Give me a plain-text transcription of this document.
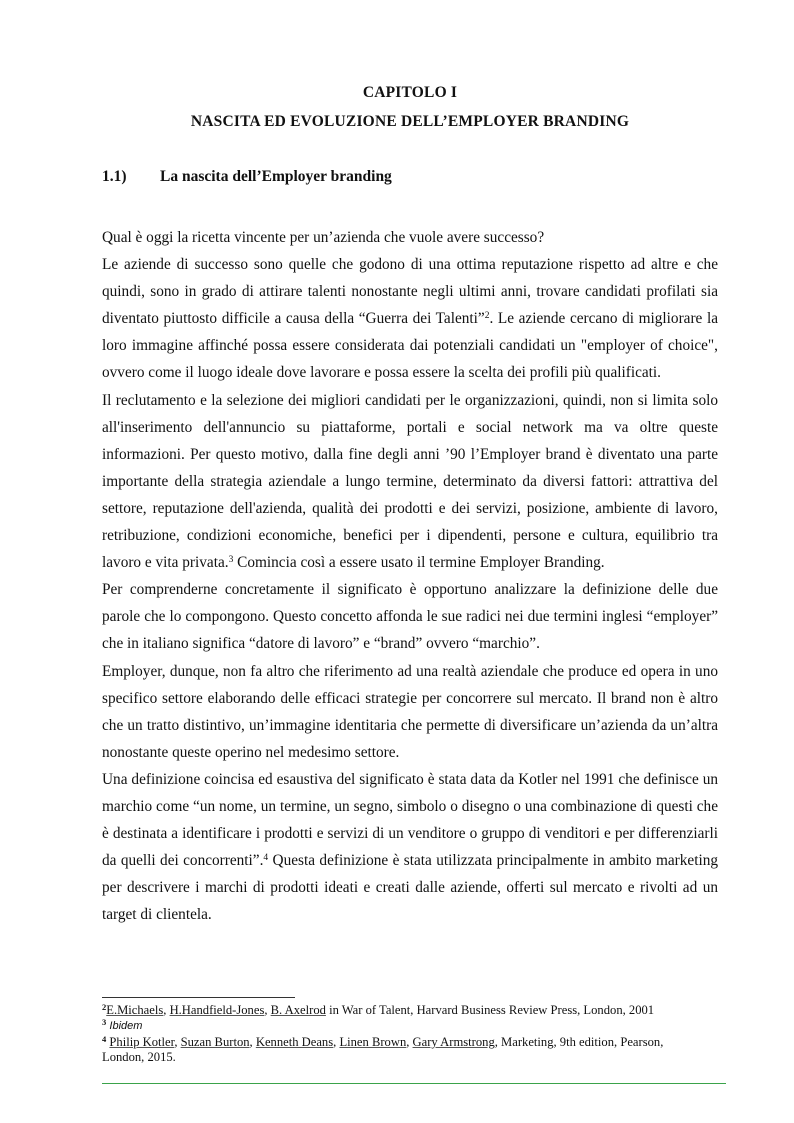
CAPITOLO I
NASCITA ED EVOLUZIONE DELL’EMPLOYER BRANDING
1.1) La nascita dell’Employer branding

Qual è oggi la ricetta vincente per un’azienda che vuole avere successo?

Le aziende di successo sono quelle che godono di una ottima reputazione rispetto ad altre e che quindi, sono in grado di attirare talenti nonostante negli ultimi anni, trovare candidati profilati sia diventato piuttosto difficile a causa della “Guerra dei Talenti”$^2$. Le aziende cercano di migliorare la loro immagine affinché possa essere considerata dai potenziali candidati un "employer of choice", ovvero come il luogo ideale dove lavorare e possa essere la scelta dei profili più qualificati.

Il reclutamento e la selezione dei migliori candidati per le organizzazioni, quindi, non si limita solo all'inserimento dell'annuncio su piattaforme, portali e social network ma va oltre queste informazioni. Per questo motivo, dalla fine degli anni ’90 l’Employer brand è diventato una parte importante della strategia aziendale a lungo termine, determinato da diversi fattori: attrattiva del settore, reputazione dell'azienda, qualità dei prodotti e dei servizi, posizione, ambiente di lavoro, retribuzione, condizioni economiche, benefici per i dipendenti, persone e cultura, equilibrio tra lavoro e vita privata.$^3$ Comincia così a essere usato il termine Employer Branding.

Per comprenderne concretamente il significato è opportuno analizzare la definizione delle due parole che lo compongono. Questo concetto affonda le sue radici nei due termini inglesi “employer” che in italiano significa “datore di lavoro” e “brand” ovvero “marchio”.

Employer, dunque, non fa altro che riferimento ad una realtà aziendale che produce ed opera in uno specifico settore elaborando delle efficaci strategie per concorrere sul mercato. Il brand non è altro che un tratto distintivo, un’immagine identitaria che permette di diversificare un’azienda da un’altra nonostante queste operino nel medesimo settore.

Una definizione coincisa ed esaustiva del significato è stata data da Kotler nel 1991 che definisce un marchio come “un nome, un termine, un segno, simbolo o disegno o una combinazione di questi che è destinata a identificare i prodotti e servizi di un venditore o gruppo di venditori e per differenziarli da quelli dei concorrenti”.$^4$ Questa definizione è stata utilizzata principalmente in ambito marketing per descrivere i marchi di prodotti ideati e creati dalle aziende, offerti sul mercato e rivolti ad un target di clientela.

$^2$E.Michaels, H.Handfield-Jones, B. Axelrod in War of Talent, Harvard Business Review Press, London, 2001

$^3$ Ibidem

$^4$ Philip Kotler, Suzan Burton, Kenneth Deans, Linen Brown, Gary Armstrong, Marketing, 9th edition, Pearson, London, 2015.
